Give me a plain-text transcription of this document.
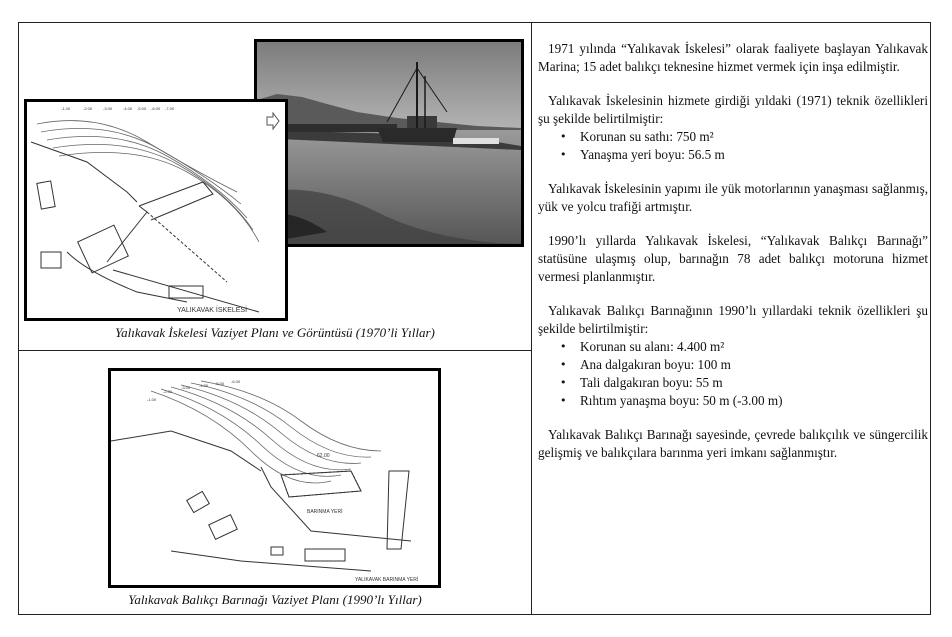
YALIKAVAK İSKELESİ
-1.00	-2.00	-3.00	-4.00 -5.00 -6.00 -7.00
62.00
BARINMA YERİ
YALIKAVAK BARINMA YERİ
-1.00
-2.00
-3.00 -4.00 -5.00 -6.00
Yalıkavak İskelesi Vaziyet Planı ve Görüntüsü (1970’li Yıllar)
Yalıkavak Balıkçı Barınağı Vaziyet Planı (1990’lı Yıllar)

1971 yılında “Yalıkavak İskelesi” olarak faaliyete başlayan Yalıkavak Marina; 15 adet balıkçı teknesine hizmet vermek için inşa edilmiştir.

Yalıkavak İskelesinin hizmete girdiği yıldaki (1971) teknik özellikleri şu şekilde belirtilmiştir:

• Korunan su sathı: 750 m²
• Yanaşma yeri boyu: 56.5 m

Yalıkavak İskelesinin yapımı ile yük motorlarının yanaşması sağlanmış, yük ve yolcu trafiği artmıştır.

1990’lı yıllarda Yalıkavak İskelesi, “Yalıkavak Balıkçı Barınağı” statüsüne ulaşmış olup, barınağın 78 adet balıkçı motoruna hizmet vermesi planlanmıştır.

Yalıkavak Balıkçı Barınağının 1990’lı yıllardaki teknik özellikleri şu şekilde belirtilmiştir:

• Korunan su alanı: 4.400 m²
• Ana dalgakıran boyu: 100 m
• Tali dalgakıran boyu: 55 m
• Rıhtım yanaşma boyu: 50 m (-3.00 m)

Yalıkavak Balıkçı Barınağı sayesinde, çevrede balıkçılık ve süngercilik gelişmiş ve balıkçılara barınma yeri imkanı sağlanmıştır.
